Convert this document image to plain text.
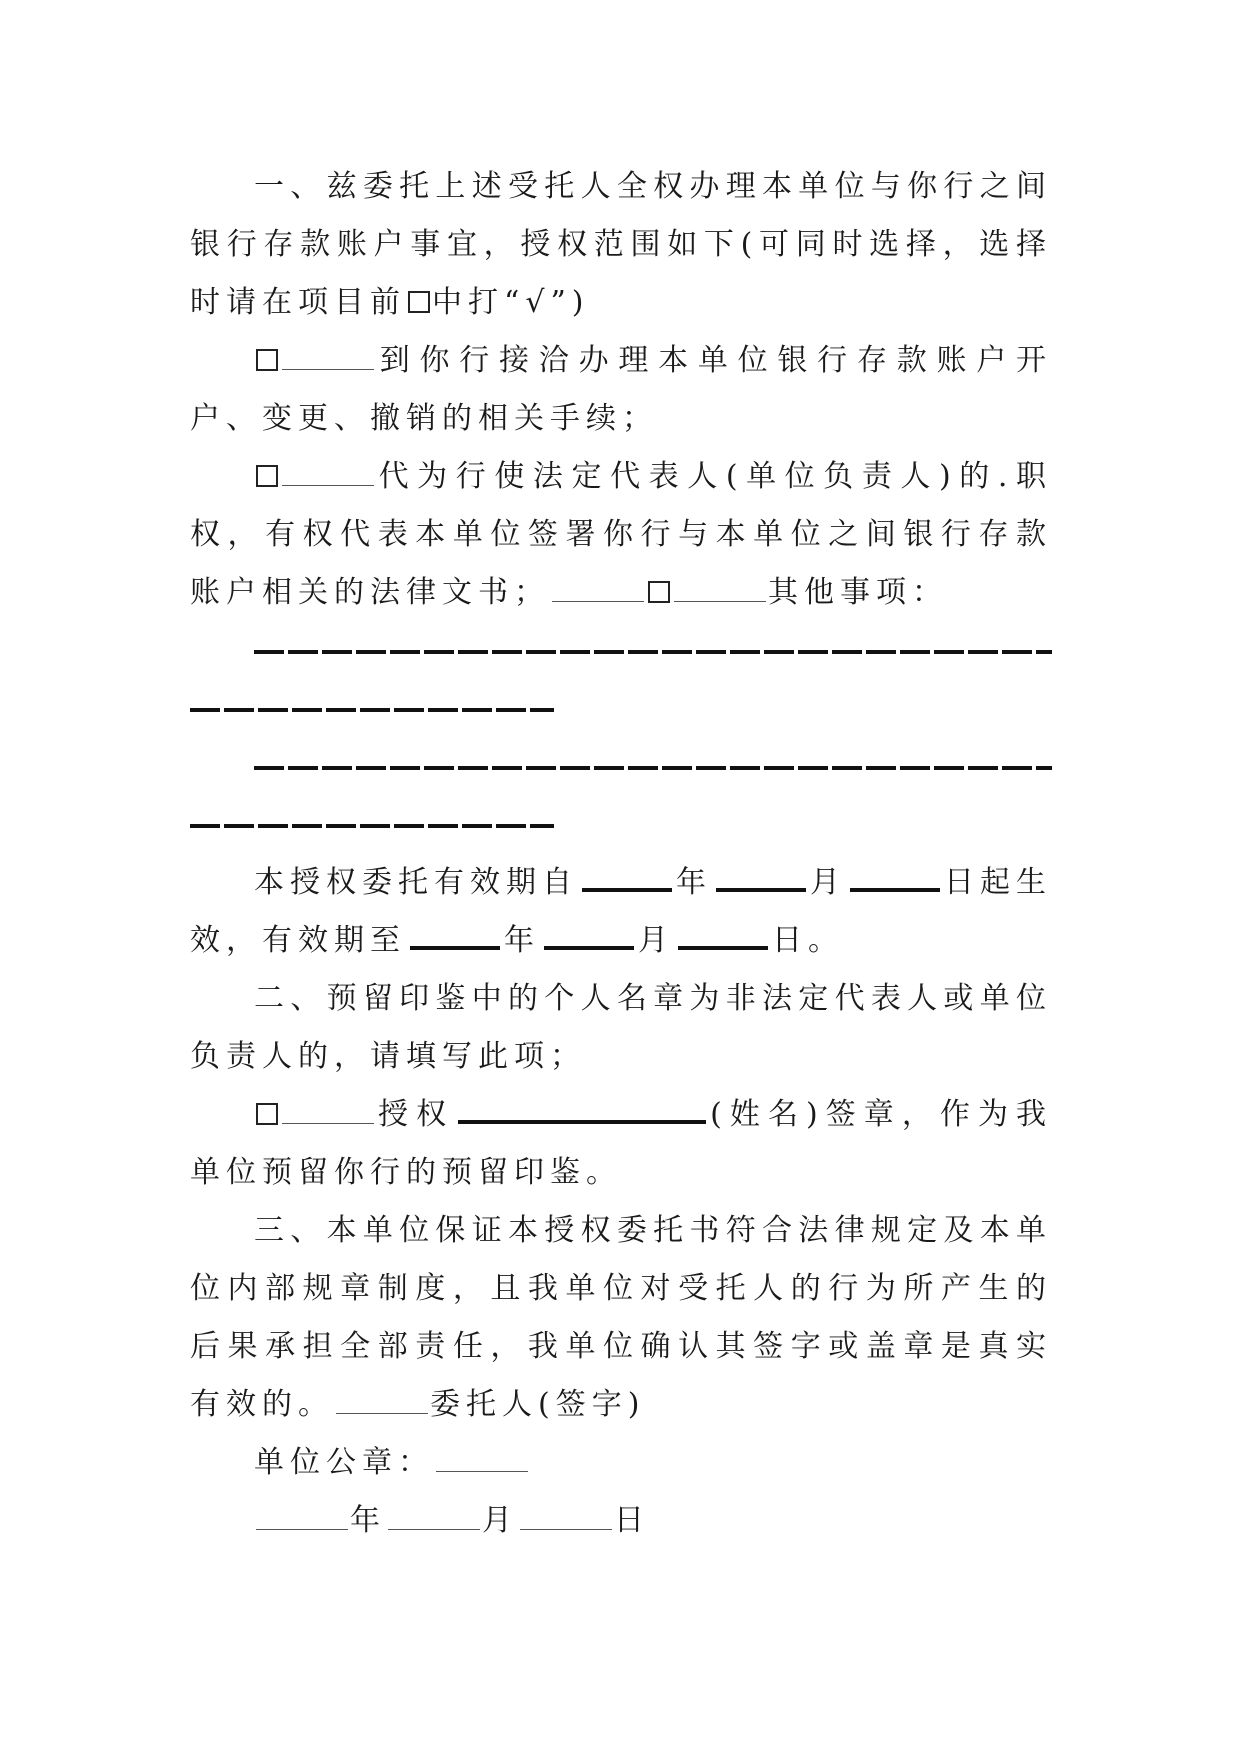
一、兹委托上述受托人全权办理本单位与你行之间银行存款账户事宜，授权范围如下(可同时选择，选择时请在项目前 中打“√”)

到你行接洽办理本单位银行存款账户开户、变更、撤销的相关手续；

代为行使法定代表人(单位负责人)的.职权，有权代表本单位签署你行与本单位之间银行存款账户相关的法律文书；	其他事项：

本授权委托有效期自	年	月	日起生效，有效期至	年	月	日。

二、预留印鉴中的个人名章为非法定代表人或单位负责人的，请填写此项；

授权	(姓名)签章，作为我单位预留你行的预留印鉴。

三、本单位保证本授权委托书符合法律规定及本单位内部规章制度，且我单位对受托人的行为所产生的后果承担全部责任，我单位确认其签字或盖章是真实有效的。	委托人(签字)

单位公章：

年	月	日
